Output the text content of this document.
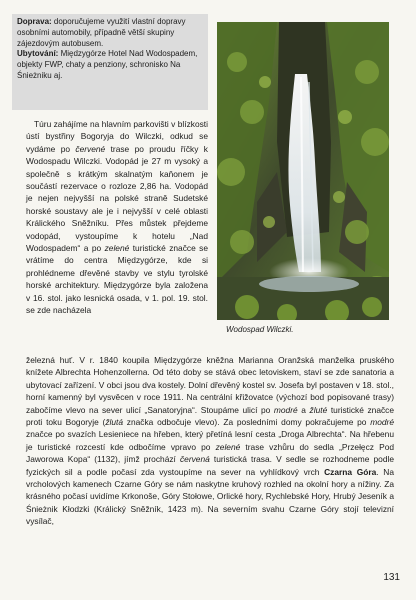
Doprava: doporučujeme využití vlastní dopravy osobními automobily, případně větší skupiny zájezdovým autobusem.

Ubytování: Międzygórze Hotel Nad Wodospadem, objekty FWP, chaty a penziony, schronisko Na Śnieżniku aj.

Túru zahájíme na hlavním parkovišti v blízkosti ústí bystřiny Bogoryja do Wilczki, odkud se vydáme po červené trase po proudu říčky k Wodospadu Wilczki. Vodopád je 27 m vysoký a společně s krátkým skalnatým kaňonem je součástí rezervace o rozloze 2,86 ha. Vodopád je nejen nejvyšší na polské straně Sudetské horské soustavy ale je i nejvyšší v celé oblasti Králického Sněžníku. Přes můstek přejdeme vodopád, vystoupíme k hotelu „Nad Wodospadem“ a po zelené turistické značce se vrátíme do centra Międzygórze, kde si prohlédneme dřevěné stavby ve stylu tyrolské horské architektury. Międzygórze byla založena v 16. stol. jako lesnická osada, v 1. pol. 19. stol. se zde nacházela

Wodospad Wilczki.

železná huť. V r. 1840 koupila Międzygórze kněžna Marianna Oranžská manželka pruského knížete Albrechta Hohenzollerna. Od této doby se stává obec letoviskem, staví se zde sanatoria a ubytovací zařízení. V obci jsou dva kostely. Dolní dřevěný kostel sv. Josefa byl postaven v 18. stol., horní kamenný byl vysvěcen v roce 1911. Na centrální křižovatce (výchozí bod popisované trasy) zabočíme vlevo na sever ulicí „Sanatoryjna“. Stoupáme ulicí po modré a žluté turistické značce proti toku Bogoryje (žlutá značka odbočuje vlevo). Za posledními domy pokračujeme po modré značce po svazích Lesieniece na hřeben, který přetíná lesní cesta „Droga Albrechta“. Na hřebenu je turistické rozcestí kde odbočíme vpravo po zelené trase vzhůru do sedla „Przełęcz Pod Jaworowa Kopa“ (1132), jímž prochází červená turistická trasa. V sedle se rozhodneme podle fyzických sil a podle počasí zda vystoupíme na sever na vyhlídkový vrch Czarna Góra. Na vrcholových kamenech Czarne Góry se nám naskytne kruhový rozhled na okolní hory a nížiny. Za krásného počasí uvidíme Krkonoše, Góry Stołowe, Orlické hory, Rychlebské Hory, Hrubý Jeseník a Śnieżnik Kłodzki (Králický Sněžník, 1423 m). Na severním svahu Czarne Góry stojí televizní vysílač,

131
